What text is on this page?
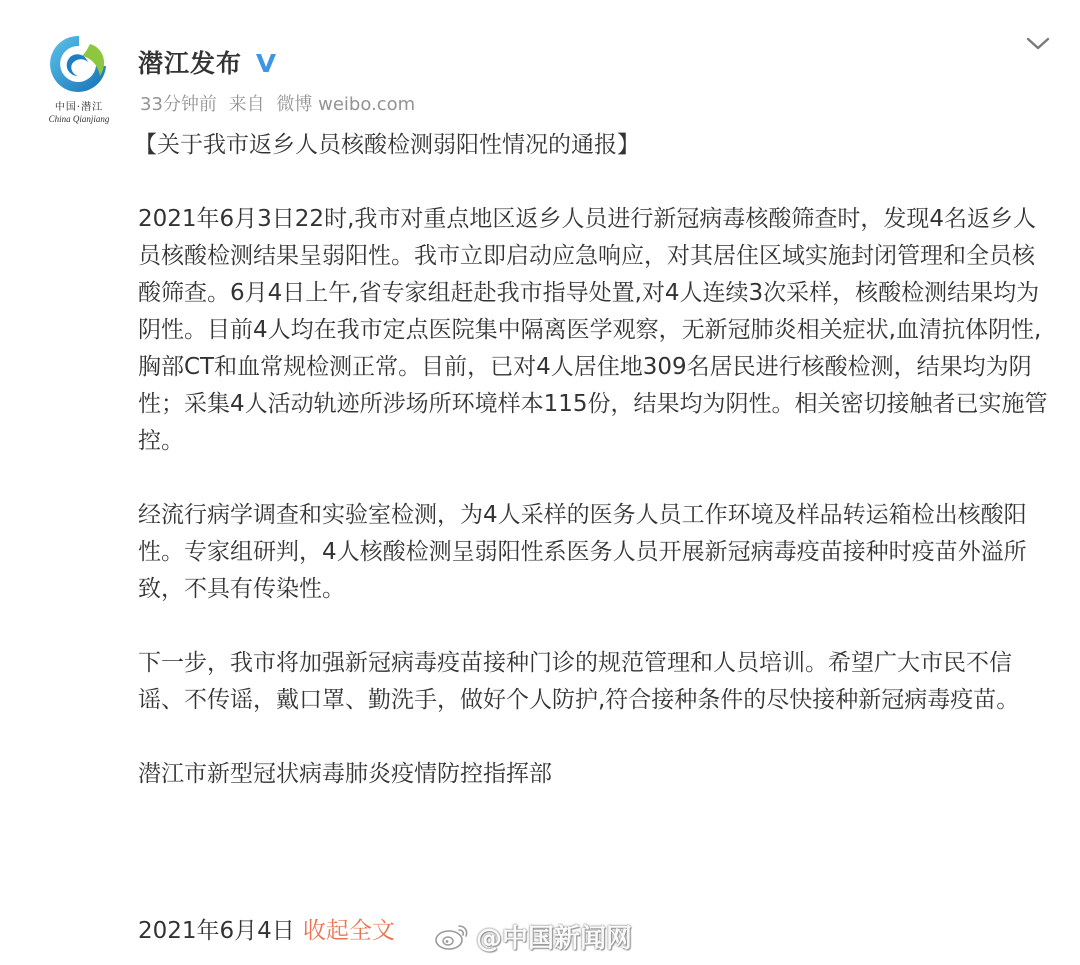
中国·潜江
China Qianjiang
潜江发布
33分钟前 来自 微博 weibo.com

【关于我市返乡人员核酸检测弱阳性情况的通报】

2021年6月3日22时,我市对重点地区返乡人员进行新冠病毒核酸筛查时，发现4名返乡人员核酸检测结果呈弱阳性。我市立即启动应急响应，对其居住区域实施封闭管理和全员核酸筛查。6月4日上午,省专家组赶赴我市指导处置,对4人连续3次采样，核酸检测结果均为阴性。目前4人均在我市定点医院集中隔离医学观察，无新冠肺炎相关症状,血清抗体阴性,胸部CT和血常规检测正常。目前，已对4人居住地309名居民进行核酸检测，结果均为阴性；采集4人活动轨迹所涉场所环境样本115份，结果均为阴性。相关密切接触者已实施管控。

经流行病学调查和实验室检测，为4人采样的医务人员工作环境及样品转运箱检出核酸阳性。专家组研判，4人核酸检测呈弱阳性系医务人员开展新冠病毒疫苗接种时疫苗外溢所致，不具有传染性。

下一步，我市将加强新冠病毒疫苗接种门诊的规范管理和人员培训。希望广大市民不信谣、不传谣，戴口罩、勤洗手，做好个人防护,符合接种条件的尽快接种新冠病毒疫苗。

潜江市新型冠状病毒肺炎疫情防控指挥部

2021年6月4日 收起全文	@中国新闻网
